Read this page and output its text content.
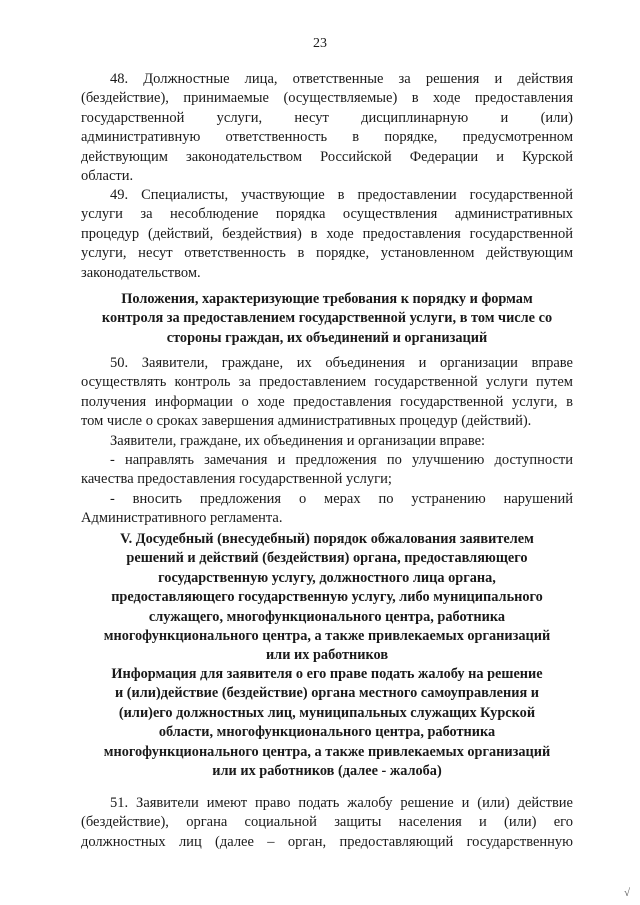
23
48. Должностные лица, ответственные за решения и действия
(бездействие), принимаемые (осуществляемые) в ходе предоставления
государственной услуги, несут дисциплинарную и (или)
административную ответственность в порядке, предусмотренном
действующим законодательством Российской Федерации и Курской
области.
49. Специалисты, участвующие в предоставлении государственной
услуги за несоблюдение порядка осуществления административных
процедур (действий, бездействия) в ходе предоставления государственной
услуги, несут ответственность в порядке, установленном действующим
законодательством.
Положения, характеризующие требования к порядку и формам
контроля за предоставлением государственной услуги, в том числе со
стороны граждан, их объединений и организаций
50. Заявители, граждане, их объединения и организации вправе
осуществлять контроль за предоставлением государственной услуги путем
получения информации о ходе предоставления государственной услуги, в
том числе о сроках завершения административных процедур (действий).
Заявители, граждане, их объединения и организации вправе:
- направлять замечания и предложения по улучшению доступности
качества предоставления государственной услуги;
- вносить предложения о мерах по устранению нарушений
Административного регламента.
V. Досудебный (внесудебный) порядок обжалования заявителем
решений и действий (бездействия) органа, предоставляющего
государственную услугу, должностного лица органа,
предоставляющего государственную услугу, либо муниципального
служащего, многофункционального центра, работника
многофункционального центра, а также привлекаемых организаций
или их работников
Информация для заявителя о его праве подать жалобу на решение
и (или)действие (бездействие) органа местного самоуправления и
(или)его должностных лиц, муниципальных служащих Курской
области, многофункционального центра, работника
многофункционального центра, а также привлекаемых организаций
или их работников (далее - жалоба)
51. Заявители имеют право подать жалобу решение и (или) действие
(бездействие), органа социальной защиты населения и (или) его
должностных лиц (далее – орган, предоставляющий государственную
√
